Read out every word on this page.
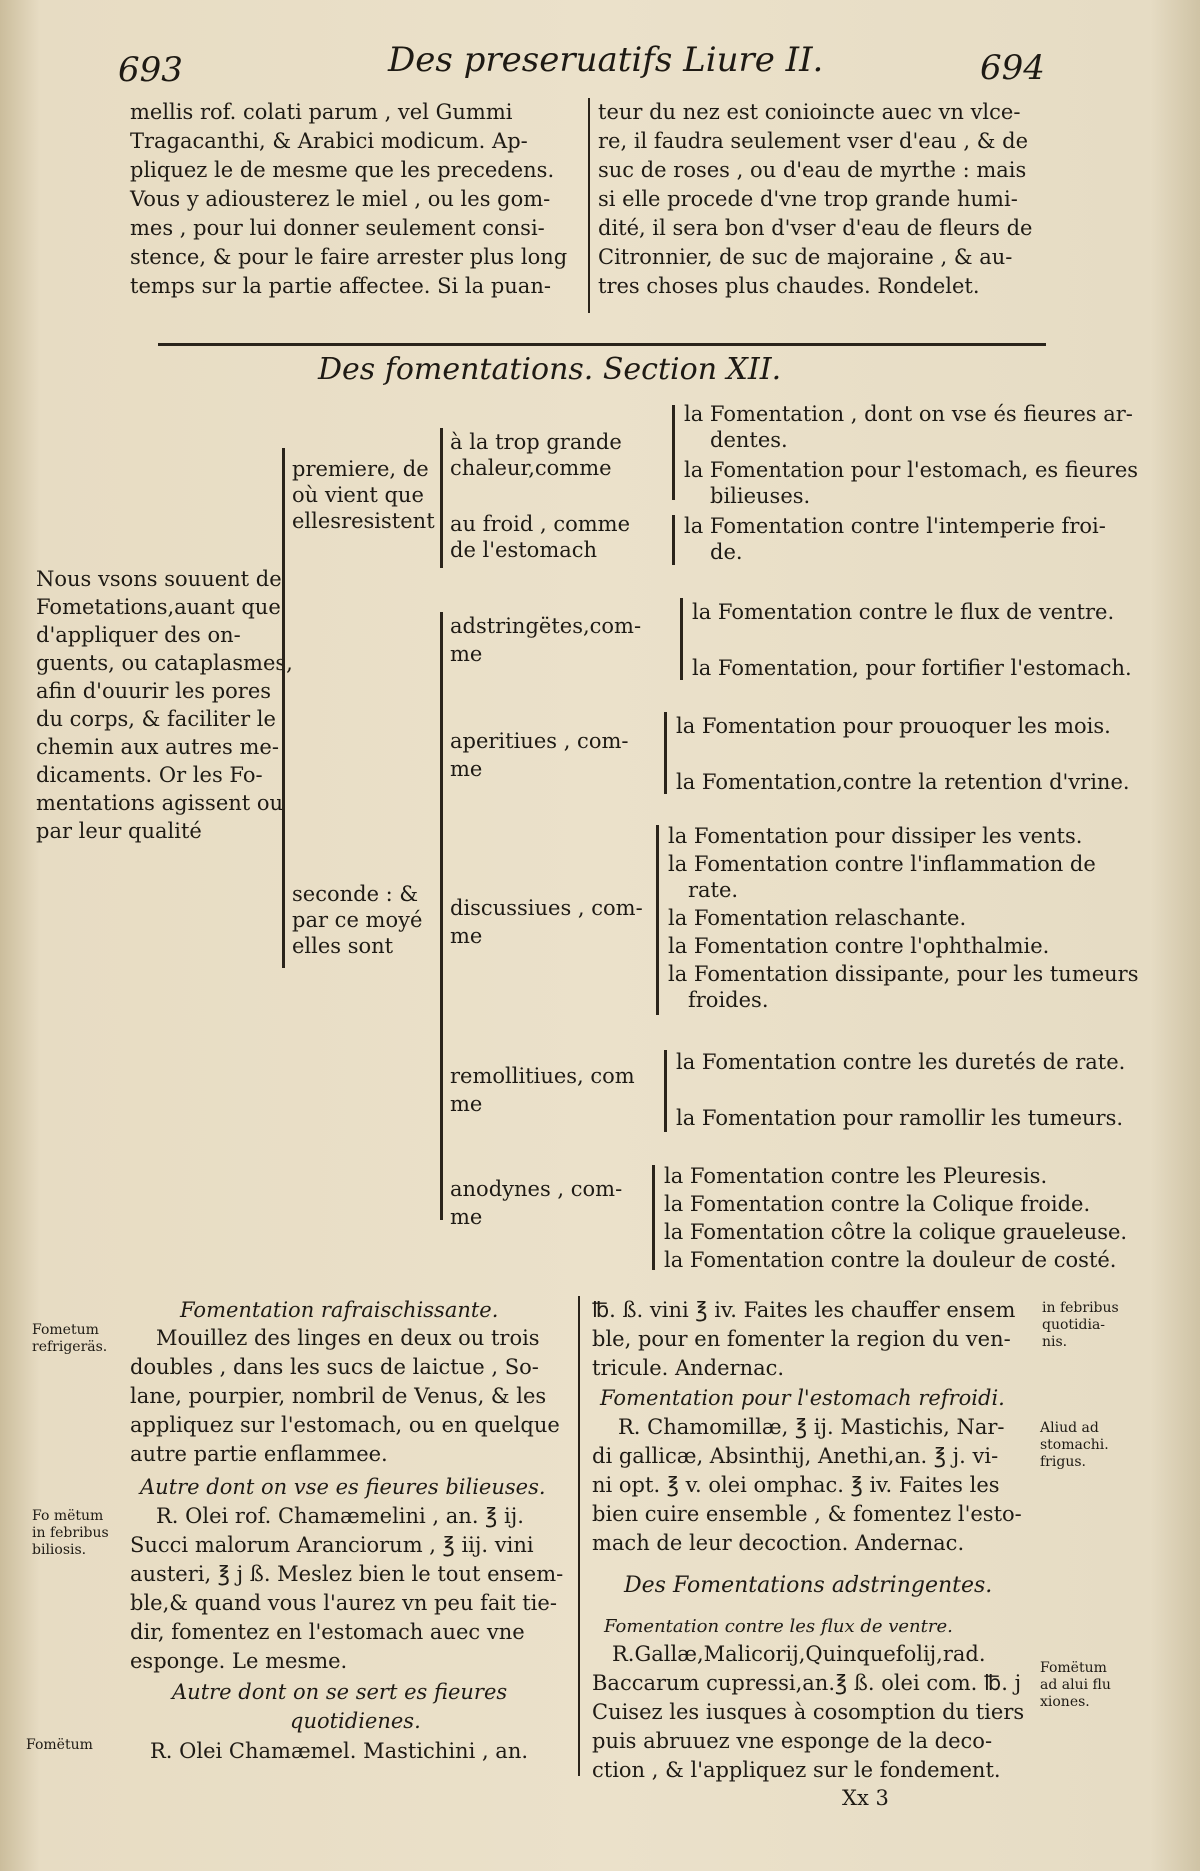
693	Des preseruatifs Liure II.	694
mellis rof. colati parum , vel Gummi
Tragacanthi, & Arabici modicum. Ap-
pliquez le de mesme que les precedens.
Vous y adiousterez le miel , ou les gom-
mes , pour lui donner seulement consi-
stence, & pour le faire arrester plus long
temps sur la partie affectee. Si la puan-
teur du nez est conioincte auec vn vlce-
re, il faudra seulement vser d'eau , & de
suc de roses , ou d'eau de myrthe : mais
si elle procede d'vne trop grande humi-
dité, il sera bon d'vser d'eau de fleurs de
Citronnier, de suc de majoraine , & au-
tres choses plus chaudes. Rondelet.
Des fomentations. Section XII.
Nous vsons souuent de
Fometations,auant que
d'appliquer des on-
guents, ou cataplasmes,
afin d'ouurir les pores
du corps, & faciliter le
chemin aux autres me-
dicaments. Or les Fo-
mentations agissent ou
par leur qualité
premiere, de
où vient que
ellesresistent
seconde : &
par ce moyé
elles sont
à la trop grande
chaleur,comme
au froid , comme
de l'estomach
la Fomentation , dont on vse és fieures ar-
dentes.
la Fomentation pour l'estomach, es fieures
bilieuses.
la Fomentation contre l'intemperie froi-
de.
adstringëtes,com-
me
la Fomentation contre le flux de ventre.
la Fomentation, pour fortifier l'estomach.
aperitiues , com-
me
la Fomentation pour prouoquer les mois.
la Fomentation,contre la retention d'vrine.
discussiues , com-
me
la Fomentation pour dissiper les vents.
la Fomentation contre l'inflammation de
rate.
la Fomentation relaschante.
la Fomentation contre l'ophthalmie.
la Fomentation dissipante, pour les tumeurs
froides.
remollitiues, com
me
la Fomentation contre les duretés de rate.
la Fomentation pour ramollir les tumeurs.
anodynes , com-
me
la Fomentation contre les Pleuresis.
la Fomentation contre la Colique froide.
la Fomentation côtre la colique graueleuse.
la Fomentation contre la douleur de costé.
Fomentation rafraischissante.
Mouillez des linges en deux ou trois
doubles , dans les sucs de laictue , So-
lane, pourpier, nombril de Venus, & les
appliquez sur l'estomach, ou en quelque
autre partie enflammee.
Autre dont on vse es fieures bilieuses.
R. Olei rof. Chamæmelini , an. ℥ ij.
Succi malorum Aranciorum , ℥ iij. vini
austeri, ℥ j ß. Meslez bien le tout ensem-
ble,& quand vous l'aurez vn peu fait tie-
dir, fomentez en l'estomach auec vne
esponge. Le mesme.
Autre dont on se sert es fieures
quotidienes.
R. Olei Chamæmel. Mastichini , an.
℔. ß. vini ℥ iv. Faites les chauffer ensem
ble, pour en fomenter la region du ven-
tricule. Andernac.
Fomentation pour l'estomach refroidi.
R. Chamomillæ, ℥ ij. Mastichis, Nar-
di gallicæ, Absinthij, Anethi,an. ℥ j. vi-
ni opt. ℥ v. olei omphac. ℥ iv. Faites les
bien cuire ensemble , & fomentez l'esto-
mach de leur decoction. Andernac.
Des Fomentations adstringentes.
Fomentation contre les flux de ventre.
R.Gallæ,Malicorij,Quinquefolij,rad.
Baccarum cupressi,an.℥ ß. olei com. ℔. j
Cuisez les iusques à cosomption du tiers
puis abruuez vne esponge de la deco-
ction , & l'appliquez sur le fondement.
Xx 3
Fometum
refrigeräs.
Fo mëtum
in febribus
biliosis.
Fomëtum
in febribus
quotidia-
nis.
Aliud ad
stomachi.
frigus.
Fomëtum
ad alui flu
xiones.
